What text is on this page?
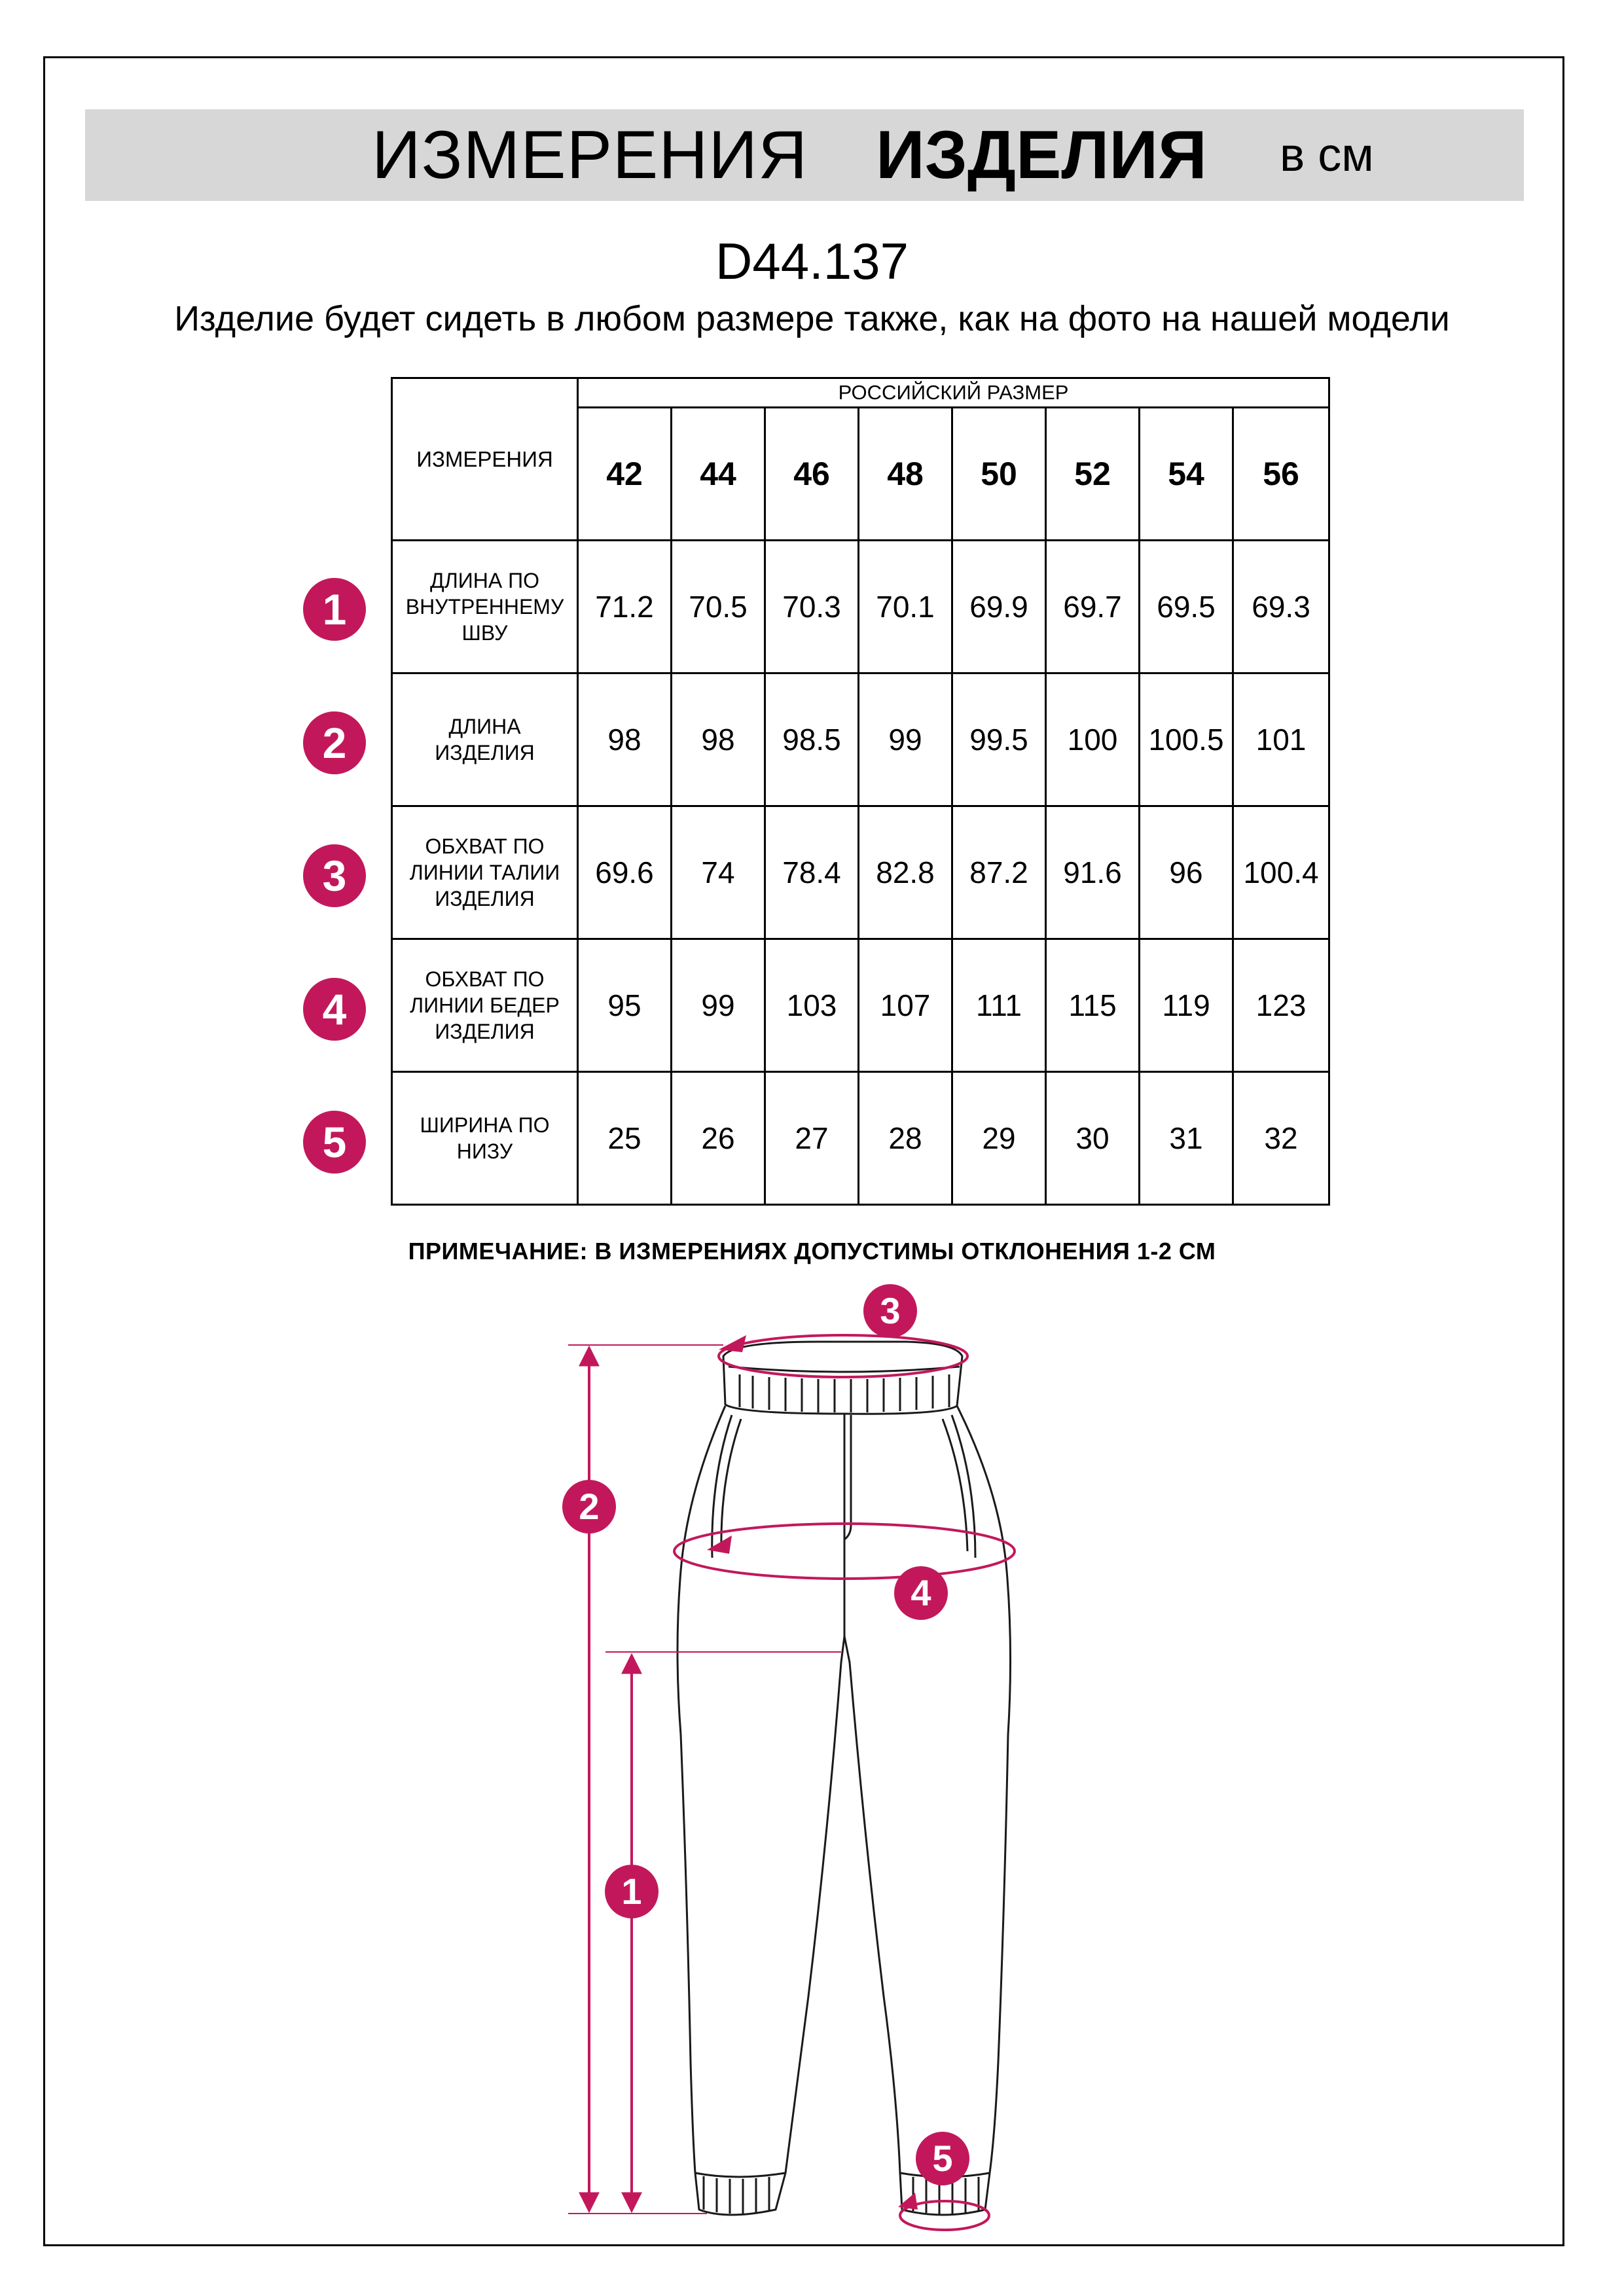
ИЗМЕРЕНИЯ ИЗДЕЛИЯ в см
D44.137
Изделие будет сидеть в любом размере также, как на фото на нашей модели
ИЗМЕРЕНИЯ	РОССИЙСКИЙ РАЗМЕР							
	42	44	46	48	50	52	54	56
ДЛИНА ПО ВНУТРЕННЕМУ ШВУ	71.2	70.5	70.3	70.1	69.9	69.7	69.5	69.3
ДЛИНА ИЗДЕЛИЯ	98	98	98.5	99	99.5	100	100.5	101
ОБХВАТ ПО ЛИНИИ ТАЛИИ ИЗДЕЛИЯ	69.6	74	78.4	82.8	87.2	91.6	96	100.4
ОБХВАТ ПО ЛИНИИ БЕДЕР ИЗДЕЛИЯ	95	99	103	107	111	115	119	123
ШИРИНА ПО НИЗУ	25	26	27	28	29	30	31	32
1
2
3
4
5
ПРИМЕЧАНИЕ: В ИЗМЕРЕНИЯХ ДОПУСТИМЫ ОТКЛОНЕНИЯ 1-2 СМ
3
2
4
1
5
